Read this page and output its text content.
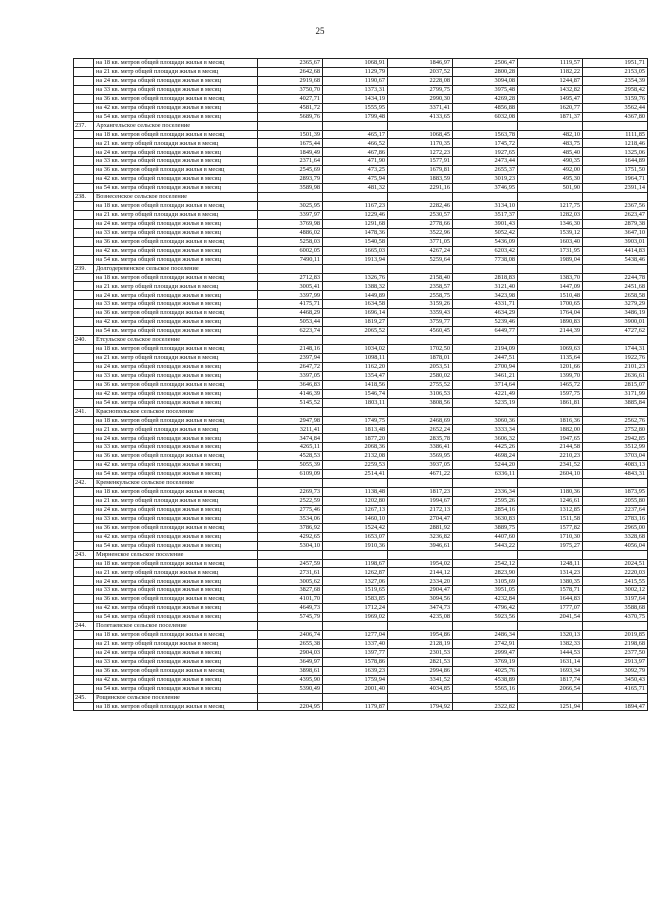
25
	на 18 кв. метров общей площади жилья в месяц	2365,67	1068,91	1846,97	2506,47	1119,57	1951,71
	на 21 кв. метр общей площади жилья в месяц	2642,68	1129,79	2037,52	2800,28	1182,22	2153,05
	на 24 кв. метра общей площади жилья в месяц	2919,68	1190,67	2228,08	3094,08	1244,87	2354,39
	на 33 кв. метра общей площади жилья в месяц	3750,70	1373,31	2799,75	3975,48	1432,82	2958,42
	на 36 кв. метров общей площади жилья в месяц	4027,71	1434,19	2990,30	4269,28	1495,47	3159,76
	на 42 кв. метра общей площади жилья в месяц	4581,72	1555,95	3371,41	4856,88	1620,77	3562,44
	на 54 кв. метра общей площади жилья в месяц	5689,76	1799,48	4133,65	6032,08	1871,37	4367,80
237.	Архангельское сельское поселение						
	на 18 кв. метров общей площади жилья в месяц	1501,39	465,17	1068,45	1563,78	482,10	1111,85
	на 21 кв. метр общей площади жилья в месяц	1675,44	466,52	1170,35	1745,72	483,75	1218,46
	на 24 кв. метра общей площади жилья в месяц	1849,49	467,86	1272,23	1927,65	485,40	1325,06
	на 33 кв. метра общей площади жилья в месяц	2371,64	471,90	1577,91	2473,44	490,35	1644,89
	на 36 кв. метров общей площади жилья в месяц	2545,69	473,25	1679,81	2655,37	492,00	1751,50
	на 42 кв. метра общей площади жилья в месяц	2893,79	475,94	1883,59	3019,23	495,30	1964,71
	на 54 кв. метра общей площади жилья в месяц	3589,98	481,32	2291,16	3746,95	501,90	2391,14
238.	Вознесенское сельское поселение						
	на 18 кв. метров общей площади жилья в месяц	3025,95	1167,23	2282,46	3134,10	1217,75	2367,56
	на 21 кв. метр общей площади жилья в месяц	3397,97	1229,46	2530,57	3517,37	1282,03	2623,47
	на 24 кв. метра общей площади жилья в месяц	3769,98	1291,68	2778,66	3901,43	1346,30	2879,38
	на 33 кв. метра общей площади жилья в месяц	4886,02	1478,36	3522,96	5052,42	1539,12	3647,10
	на 36 кв. метров общей площади жилья в месяц	5258,03	1540,58	3771,05	5436,09	1603,40	3903,01
	на 42 кв. метра общей площади жилья в месяц	6002,05	1665,03	4267,24	6203,42	1731,95	4414,83
	на 54 кв. метра общей площади жилья в месяц	7490,11	1913,94	5259,64	7738,08	1989,04	5438,46
239.	Долгодеревенское сельское поселение						
	на 18 кв. метров общей площади жилья в месяц	2712,83	1326,76	2158,40	2818,83	1383,70	2244,78
	на 21 кв. метр общей площади жилья в месяц	3005,41	1388,32	2358,57	3121,40	1447,09	2451,68
	на 24 кв. метра общей площади жилья в месяц	3397,99	1449,89	2558,75	3423,98	1510,48	2658,58
	на 33 кв. метра общей площади жилья в месяц	4175,71	1634,58	3159,26	4331,71	1700,65	3279,29
	на 36 кв. метров общей площади жилья в месяц	4468,29	1696,14	3359,43	4634,29	1764,04	3486,19
	на 42 кв. метра общей площади жилья в месяц	5053,44	1819,27	3759,77	5239,46	1890,83	3900,01
	на 54 кв. метра общей площади жилья в месяц	6223,74	2065,52	4560,45	6449,77	2144,39	4727,62
240.	Етсульское сельское поселение						
	на 18 кв. метров общей площади жилья в месяц	2148,16	1034,02	1702,50	2194,09	1069,63	1744,31
	на 21 кв. метр общей площади жилья в месяц	2397,94	1098,11	1878,01	2447,51	1135,64	1922,76
	на 24 кв. метра общей площади жилья в месяц	2647,72	1162,20	2053,51	2700,94	1201,66	2101,23
	на 33 кв. метра общей площади жилья в месяц	3397,05	1354,47	2580,02	3461,21	1399,70	2636,61
	на 36 кв. метров общей площади жилья в месяц	3646,83	1418,56	2755,52	3714,64	1465,72	2815,07
	на 42 кв. метра общей площади жилья в месяц	4146,39	1546,74	3106,53	4221,49	1597,75	3171,99
	на 54 кв. метра общей площади жилья в месяц	5145,52	1803,11	3808,56	5235,19	1861,81	3885,84
241.	Краснопольское сельское поселение						
	на 18 кв. метров общей площади жилья в месяц	2947,98	1749,75	2468,69	3060,36	1816,36	2562,76
	на 21 кв. метр общей площади жилья в месяц	3211,41	1813,48	2652,24	3333,34	1882,00	2752,80
	на 24 кв. метра общей площади жилья в месяц	3474,84	1877,20	2835,78	3606,32	1947,65	2942,85
	на 33 кв. метра общей площади жилья в месяц	4265,11	2068,36	3386,41	4425,26	2144,58	3512,99
	на 36 кв. метров общей площади жилья в месяц	4528,53	2132,08	3569,95	4698,24	2210,23	3703,04
	на 42 кв. метра общей площади жилья в месяц	5055,39	2259,53	3937,05	5244,20	2341,52	4083,13
	на 54 кв. метра общей площади жилья в месяц	6109,09	2514,41	4671,22	6336,11	2604,10	4843,31
242.	Кременкульское сельское поселение						
	на 18 кв. метров общей площади жилья в месяц	2269,73	1138,48	1817,23	2336,34	1180,36	1873,95
	на 21 кв. метр общей площади жилья в месяц	2522,59	1202,80	1994,67	2595,26	1246,61	2055,80
	на 24 кв. метра общей площади жилья в месяц	2775,46	1267,13	2172,13	2854,16	1312,85	2237,64
	на 33 кв. метра общей площади жилья в месяц	3534,06	1460,10	2704,47	3630,83	1511,58	2783,16
	на 36 кв. метров общей площади жилья в месяц	3786,92	1524,42	2881,92	3889,75	1577,82	2965,00
	на 42 кв. метра общей площади жилья в месяц	4292,65	1653,07	3236,82	4407,60	1710,30	3328,68
	на 54 кв. метра общей площади жилья в месяц	5304,10	1910,36	3946,61	5443,22	1975,27	4056,04
243.	Мирненское сельское поселение						
	на 18 кв. метров общей площади жилья в месяц	2457,59	1198,67	1954,02	2542,12	1248,11	2024,51
	на 21 кв. метр общей площади жилья в месяц	2731,61	1262,87	2144,12	2823,90	1314,23	2220,03
	на 24 кв. метра общей площади жилья в месяц	3005,62	1327,06	2334,20	3105,69	1380,35	2415,55
	на 33 кв. метра общей площади жилья в месяц	3827,68	1519,65	2904,47	3951,05	1578,71	3002,12
	на 36 кв. метров общей площади жилья в месяц	4101,70	1583,85	3094,56	4232,84	1644,83	3197,64
	на 42 кв. метра общей площади жилья в месяц	4649,73	1712,24	3474,73	4796,42	1777,07	3588,68
	на 54 кв. метра общей площади жилья в месяц	5745,79	1969,02	4235,08	5923,56	2041,54	4370,75
244.	Полетаевское сельское поселение						
	на 18 кв. метров общей площади жилья в месяц	2406,74	1277,04	1954,86	2486,34	1320,13	2019,85
	на 21 кв. метр общей площади жилья в месяц	2655,38	1337,40	2128,19	2742,91	1382,33	2198,68
	на 24 кв. метра общей площади жилья в месяц	2904,03	1397,77	2301,53	2999,47	1444,53	2377,50
	на 33 кв. метра общей площади жилья в месяц	3649,97	1578,86	2821,53	3769,19	1631,14	2913,97
	на 36 кв. метров общей площади жилья в месяц	3898,61	1639,23	2994,86	4025,76	1693,34	3092,79
	на 42 кв. метра общей площади жилья в месяц	4395,90	1759,94	3341,52	4538,89	1817,74	3450,43
	на 54 кв. метра общей площади жилья в месяц	5390,49	2001,40	4034,85	5565,16	2066,54	4165,71
245.	Рощинское сельское поселение						
	на 18 кв. метров общей площади жилья в месяц	2204,95	1179,87	1794,92	2322,82	1251,94	1894,47
